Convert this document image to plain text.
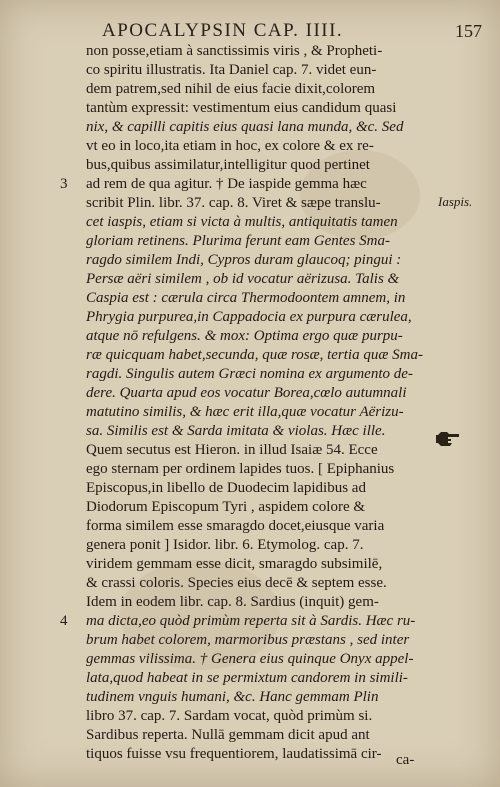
APOCALYPSIN CAP. IIII.	157
non posse,etiam à sanctissimis viris , & Propheti-
co spiritu illustratis. Ita Daniel cap. 7. videt eun-
dem patrem,sed nihil de eius facie dixit,colorem
tantùm expressit: vestimentum eius candidum quasi
nix, & capilli capitis eius quasi lana munda, &c. Sed
vt eo in loco,ita etiam in hoc, ex colore & ex re-
bus,quibus assimilatur,intelligitur quod pertinet
ad rem de qua agitur. † De iaspide gemma hæc
scribit Plin. libr. 37. cap. 8. Viret & sæpe translu-
cet iaspis, etiam si victa à multis, antiquitatis tamen
gloriam retinens. Plurima ferunt eam Gentes Sma-
ragdo similem Indi, Cypros duram glaucoq; pingui :
Persæ aëri similem , ob id vocatur aërizusa. Talis &
Caspia est : cærula circa Thermodoontem amnem, in
Phrygia purpurea,in Cappadocia ex purpura cærulea,
atque nō refulgens. & mox: Optima ergo quæ purpu-
ræ quicquam habet,secunda, quæ rosæ, tertia quæ Sma-
ragdi. Singulis autem Græci nomina ex argumento de-
dere. Quarta apud eos vocatur Borea,cœlo autumnali
matutino similis, & hæc erit illa,quæ vocatur Aërizu-
sa. Similis est & Sarda imitata & violas. Hæc ille.
Quem secutus est Hieron. in illud Isaiæ 54. Ecce
ego sternam per ordinem lapides tuos. [ Epiphanius
Episcopus,in libello de Duodecim lapidibus ad
Diodorum Episcopum Tyri , aspidem colore &
forma similem esse smaragdo docet,eiusque varia
genera ponit ] Isidor. libr. 6. Etymolog. cap. 7.
viridem gemmam esse dicit, smaragdo subsimilē,
& crassi coloris. Species eius decē & septem esse.
Idem in eodem libr. cap. 8. Sardius (inquit) gem-
ma dicta,eo quòd primùm reperta sit à Sardis. Hæc ru-
brum habet colorem, marmoribus præstans , sed inter
gemmas vilissima. † Genera eius quinque Onyx appel-
lata,quod habeat in se permixtum candorem in simili-
tudinem vnguis humani, &c. Hanc gemmam Plin
libro 37. cap. 7. Sardam vocat, quòd primùm si.
Sardibus reperta. Nullā gemmam dicit apud ant
tiquos fuisse vsu frequentiorem, laudatissimā cir-
3
4
Iaspis.
ca-
